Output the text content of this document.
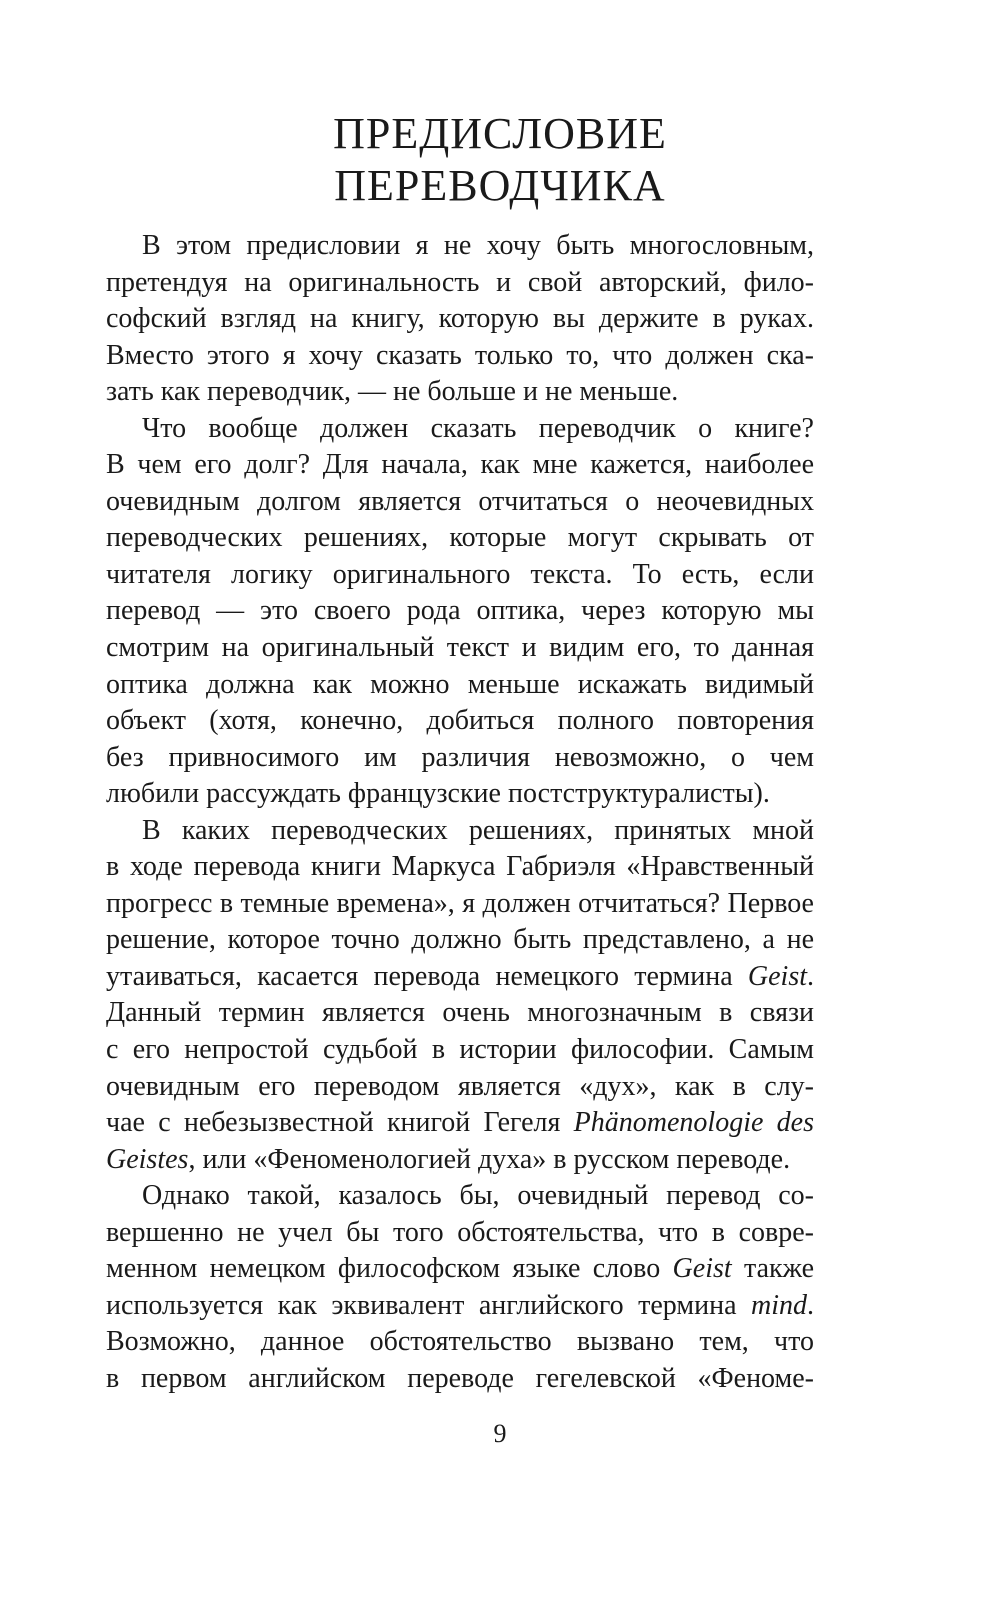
ПРЕДИСЛОВИЕ
ПЕРЕВОДЧИКА
В этом предисловии я не хочу быть многословным,
претендуя на оригинальность и свой авторский, фило-
софский взгляд на книгу, которую вы держите в руках.
Вместо этого я хочу сказать только то, что должен ска-
зать как переводчик, — не больше и не меньше.
Что вообще должен сказать переводчик о книге?
В чем его долг? Для начала, как мне кажется, наиболее
очевидным долгом является отчитаться о неочевидных
переводческих решениях, которые могут скрывать от
читателя логику оригинального текста. То есть, если
перевод — это своего рода оптика, через которую мы
смотрим на оригинальный текст и видим его, то данная
оптика должна как можно меньше искажать видимый
объект (хотя, конечно, добиться полного повторения
без привносимого им различия невозможно, о чем
любили рассуждать французские постструктуралисты).
В каких переводческих решениях, принятых мной
в ходе перевода книги Маркуса Габриэля «Нравственный
прогресс в темные времена», я должен отчитаться? Первое
решение, которое точно должно быть представлено, а не
утаиваться, касается перевода немецкого термина Geist.
Данный термин является очень многозначным в связи
с его непростой судьбой в истории философии. Самым
очевидным его переводом является «дух», как в слу-
чае с небезызвестной книгой Гегеля Phänomenologie des
Geistes, или «Феноменологией духа» в русском переводе.
Однако такой, казалось бы, очевидный перевод со-
вершенно не учел бы того обстоятельства, что в совре-
менном немецком философском языке слово Geist также
используется как эквивалент английского термина mind.
Возможно, данное обстоятельство вызвано тем, что
в первом английском переводе гегелевской «Феноме-
9
